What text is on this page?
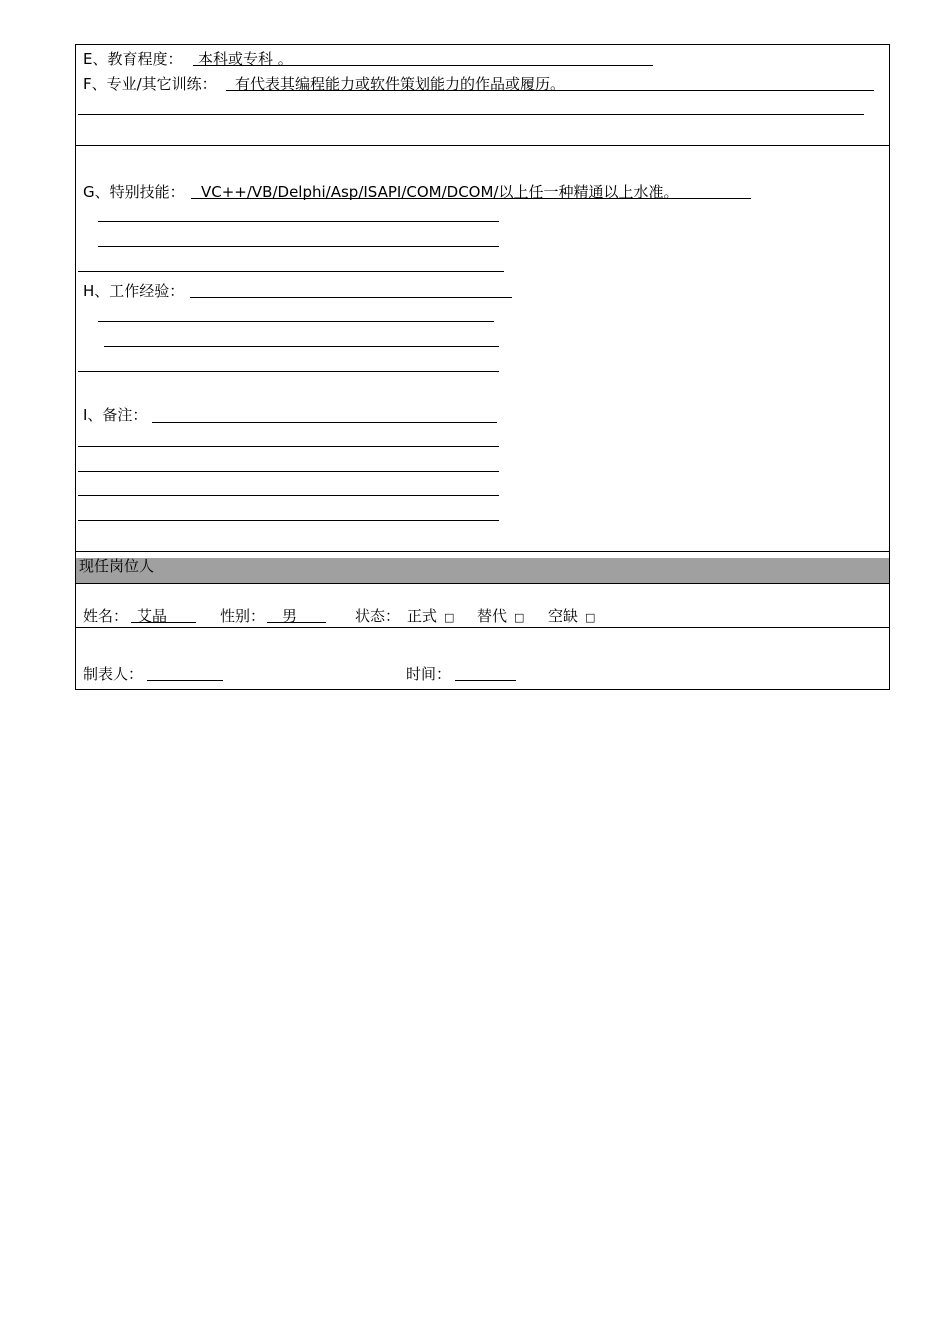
E、教育程度： 本科或专科 。
F、专业/其它训练： 有代表其编程能力或软件策划能力的作品或履历。
G、特别技能： VC++/VB/Delphi/Asp/ISAPI/COM/DCOM/以上任一种精通以上水准。
H、工作经验：
I、备注：
现任岗位人
姓名： 艾晶	性别： 男	状态： 正式 □ 替代 □ 空缺 □
制表人：	时间：
